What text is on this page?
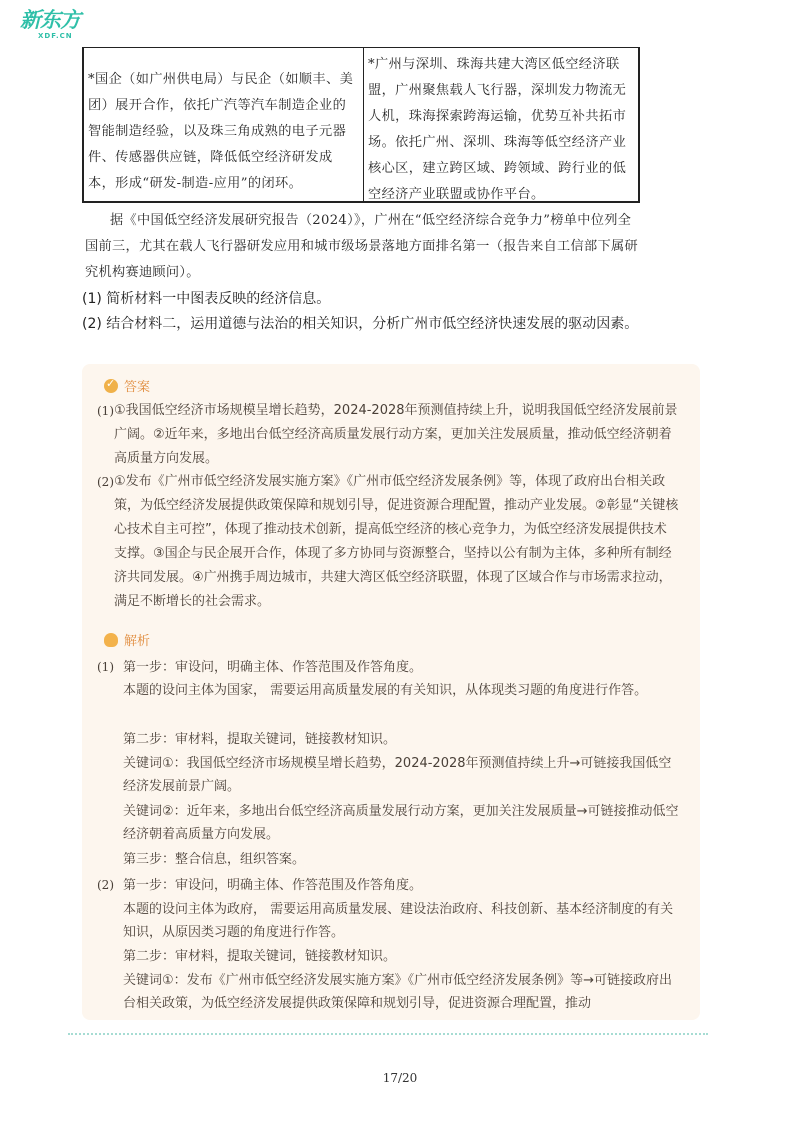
新东方
XDF.CN
*国企（如广州供电局）与民企（如顺丰、美团）展开合作，依托广汽等汽车制造企业的智能制造经验，以及珠三角成熟的电子元器件、传感器供应链，降低低空经济研发成本，形成“研发-制造-应用”的闭环。
*广州与深圳、珠海共建大湾区低空经济联盟，广州聚焦载人飞行器，深圳发力物流无人机，珠海探索跨海运输，优势互补共拓市场。依托广州、深圳、珠海等低空经济产业核心区，建立跨区域、跨领域、跨行业的低空经济产业联盟或协作平台。
据《中国低空经济发展研究报告（2024）》，广州在“低空经济综合竞争力”榜单中位列全国前三，尤其在载人飞行器研发应用和城市级场景落地方面排名第一（报告来自工信部下属研究机构赛迪顾问）。
(1) 简析材料一中图表反映的经济信息。
(2) 结合材料二，运用道德与法治的相关知识，分析广州市低空经济快速发展的驱动因素。
✓
答案
(1) ①我国低空经济市场规模呈增长趋势，2024-2028年预测值持续上升，说明我国低空经济发展前景广阔。②近年来，多地出台低空经济高质量发展行动方案，更加关注发展质量，推动低空经济朝着高质量方向发展。
(2) ①发布《广州市低空经济发展实施方案》《广州市低空经济发展条例》等，体现了政府出台相关政策，为低空经济发展提供政策保障和规划引导，促进资源合理配置，推动产业发展。②彰显“关键核心技术自主可控”，体现了推动技术创新，提高低空经济的核心竞争力，为低空经济发展提供技术支撑。③国企与民企展开合作，体现了多方协同与资源整合，坚持以公有制为主体，多种所有制经济共同发展。④广州携手周边城市，共建大湾区低空经济联盟，体现了区域合作与市场需求拉动，满足不断增长的社会需求。
解析
(1) 第一步：审设问，明确主体、作答范围及作答角度。
本题的设问主体为国家， 需要运用高质量发展的有关知识，从体现类习题的角度进行作答。
第二步：审材料，提取关键词，链接教材知识。
关键词①：我国低空经济市场规模呈增长趋势，2024-2028年预测值持续上升→可链接我国低空经济发展前景广阔。
关键词②：近年来，多地出台低空经济高质量发展行动方案，更加关注发展质量→可链接推动低空经济朝着高质量方向发展。
第三步：整合信息，组织答案。
(2) 第一步：审设问，明确主体、作答范围及作答角度。
本题的设问主体为政府， 需要运用高质量发展、建设法治政府、科技创新、基本经济制度的有关知识，从原因类习题的角度进行作答。
第二步：审材料，提取关键词，链接教材知识。
关键词①：发布《广州市低空经济发展实施方案》《广州市低空经济发展条例》等→可链接政府出台相关政策，为低空经济发展提供政策保障和规划引导，促进资源合理配置，推动
17/20
